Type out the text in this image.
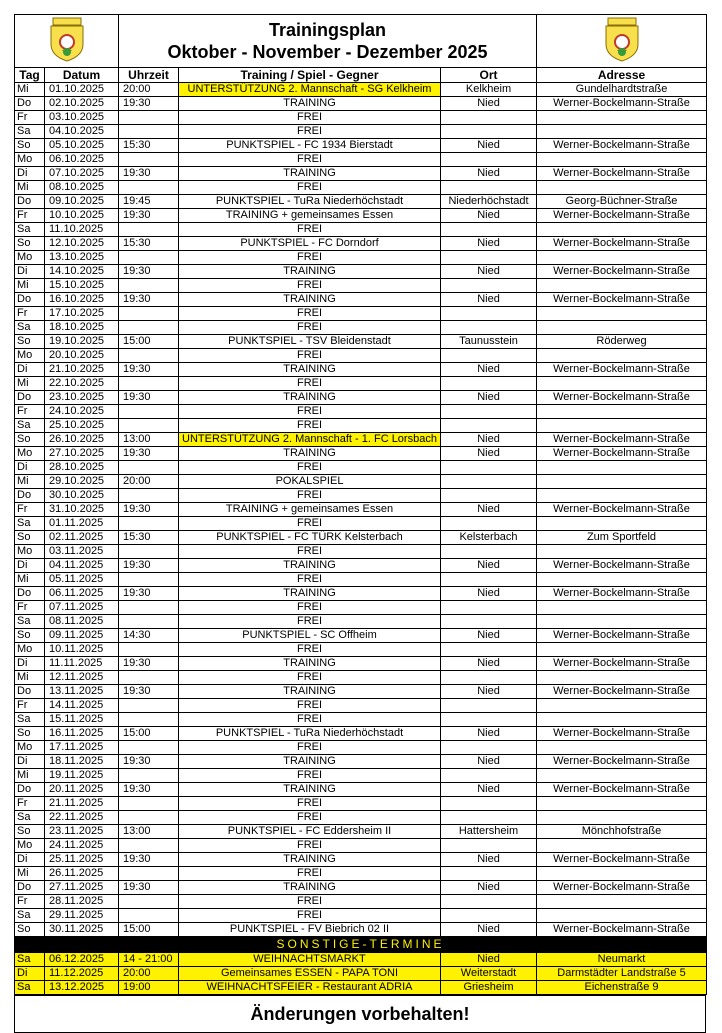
Trainingsplan
Oktober - November - Dezember 2025

Tag	Datum	Uhrzeit	Training / Spiel - Gegner	Ort	Adresse
Mi	01.10.2025	20:00	UNTERSTÜTZUNG 2. Mannschaft - SG Kelkheim	Kelkheim	Gundelhardtstraße
Do	02.10.2025	19:30	TRAINING	Nied	Werner-Bockelmann-Straße
Fr	03.10.2025		FREI		
Sa	04.10.2025		FREI		
So	05.10.2025	15:30	PUNKTSPIEL - FC 1934 Bierstadt	Nied	Werner-Bockelmann-Straße
Mo	06.10.2025		FREI		
Di	07.10.2025	19:30	TRAINING	Nied	Werner-Bockelmann-Straße
Mi	08.10.2025		FREI		
Do	09.10.2025	19:45	PUNKTSPIEL - TuRa Niederhöchstadt	Niederhöchstadt	Georg-Büchner-Straße
Fr	10.10.2025	19:30	TRAINING + gemeinsames Essen	Nied	Werner-Bockelmann-Straße
Sa	11.10.2025		FREI		
So	12.10.2025	15:30	PUNKTSPIEL - FC Dorndorf	Nied	Werner-Bockelmann-Straße
Mo	13.10.2025		FREI		
Di	14.10.2025	19:30	TRAINING	Nied	Werner-Bockelmann-Straße
Mi	15.10.2025		FREI		
Do	16.10.2025	19:30	TRAINING	Nied	Werner-Bockelmann-Straße
Fr	17.10.2025		FREI		
Sa	18.10.2025		FREI		
So	19.10.2025	15:00	PUNKTSPIEL - TSV Bleidenstadt	Taunusstein	Röderweg
Mo	20.10.2025		FREI		
Di	21.10.2025	19:30	TRAINING	Nied	Werner-Bockelmann-Straße
Mi	22.10.2025		FREI		
Do	23.10.2025	19:30	TRAINING	Nied	Werner-Bockelmann-Straße
Fr	24.10.2025		FREI		
Sa	25.10.2025		FREI		
So	26.10.2025	13:00	UNTERSTÜTZUNG 2. Mannschaft - 1. FC Lorsbach	Nied	Werner-Bockelmann-Straße
Mo	27.10.2025	19:30	TRAINING	Nied	Werner-Bockelmann-Straße
Di	28.10.2025		FREI		
Mi	29.10.2025	20:00	POKALSPIEL		
Do	30.10.2025		FREI		
Fr	31.10.2025	19:30	TRAINING + gemeinsames Essen	Nied	Werner-Bockelmann-Straße
Sa	01.11.2025		FREI		
So	02.11.2025	15:30	PUNKTSPIEL - FC TÜRK Kelsterbach	Kelsterbach	Zum Sportfeld
Mo	03.11.2025		FREI		
Di	04.11.2025	19:30	TRAINING	Nied	Werner-Bockelmann-Straße
Mi	05.11.2025		FREI		
Do	06.11.2025	19:30	TRAINING	Nied	Werner-Bockelmann-Straße
Fr	07.11.2025		FREI		
Sa	08.11.2025		FREI		
So	09.11.2025	14:30	PUNKTSPIEL - SC Offheim	Nied	Werner-Bockelmann-Straße
Mo	10.11.2025		FREI		
Di	11.11.2025	19:30	TRAINING	Nied	Werner-Bockelmann-Straße
Mi	12.11.2025		FREI		
Do	13.11.2025	19:30	TRAINING	Nied	Werner-Bockelmann-Straße
Fr	14.11.2025		FREI		
Sa	15.11.2025		FREI		
So	16.11.2025	15:00	PUNKTSPIEL - TuRa Niederhöchstadt	Nied	Werner-Bockelmann-Straße
Mo	17.11.2025		FREI		
Di	18.11.2025	19:30	TRAINING	Nied	Werner-Bockelmann-Straße
Mi	19.11.2025		FREI		
Do	20.11.2025	19:30	TRAINING	Nied	Werner-Bockelmann-Straße
Fr	21.11.2025		FREI		
Sa	22.11.2025		FREI		
So	23.11.2025	13:00	PUNKTSPIEL - FC Eddersheim II	Hattersheim	Mönchhofstraße
Mo	24.11.2025		FREI		
Di	25.11.2025	19:30	TRAINING	Nied	Werner-Bockelmann-Straße
Mi	26.11.2025		FREI		
Do	27.11.2025	19:30	TRAINING	Nied	Werner-Bockelmann-Straße
Fr	28.11.2025		FREI		
Sa	29.11.2025		FREI		
So	30.11.2025	15:00	PUNKTSPIEL - FV Biebrich 02 II	Nied	Werner-Bockelmann-Straße
SONSTIGE-TERMINE					
Sa	06.12.2025	14 - 21:00	WEIHNACHTSMARKT	Nied	Neumarkt
Di	11.12.2025	20:00	Gemeinsames ESSEN - PAPA TONI	Weiterstadt	Darmstädter Landstraße 5
Sa	13.12.2025	19:00	WEIHNACHTSFEIER - Restaurant ADRIA	Griesheim	Eichenstraße 9
Änderungen vorbehalten!
